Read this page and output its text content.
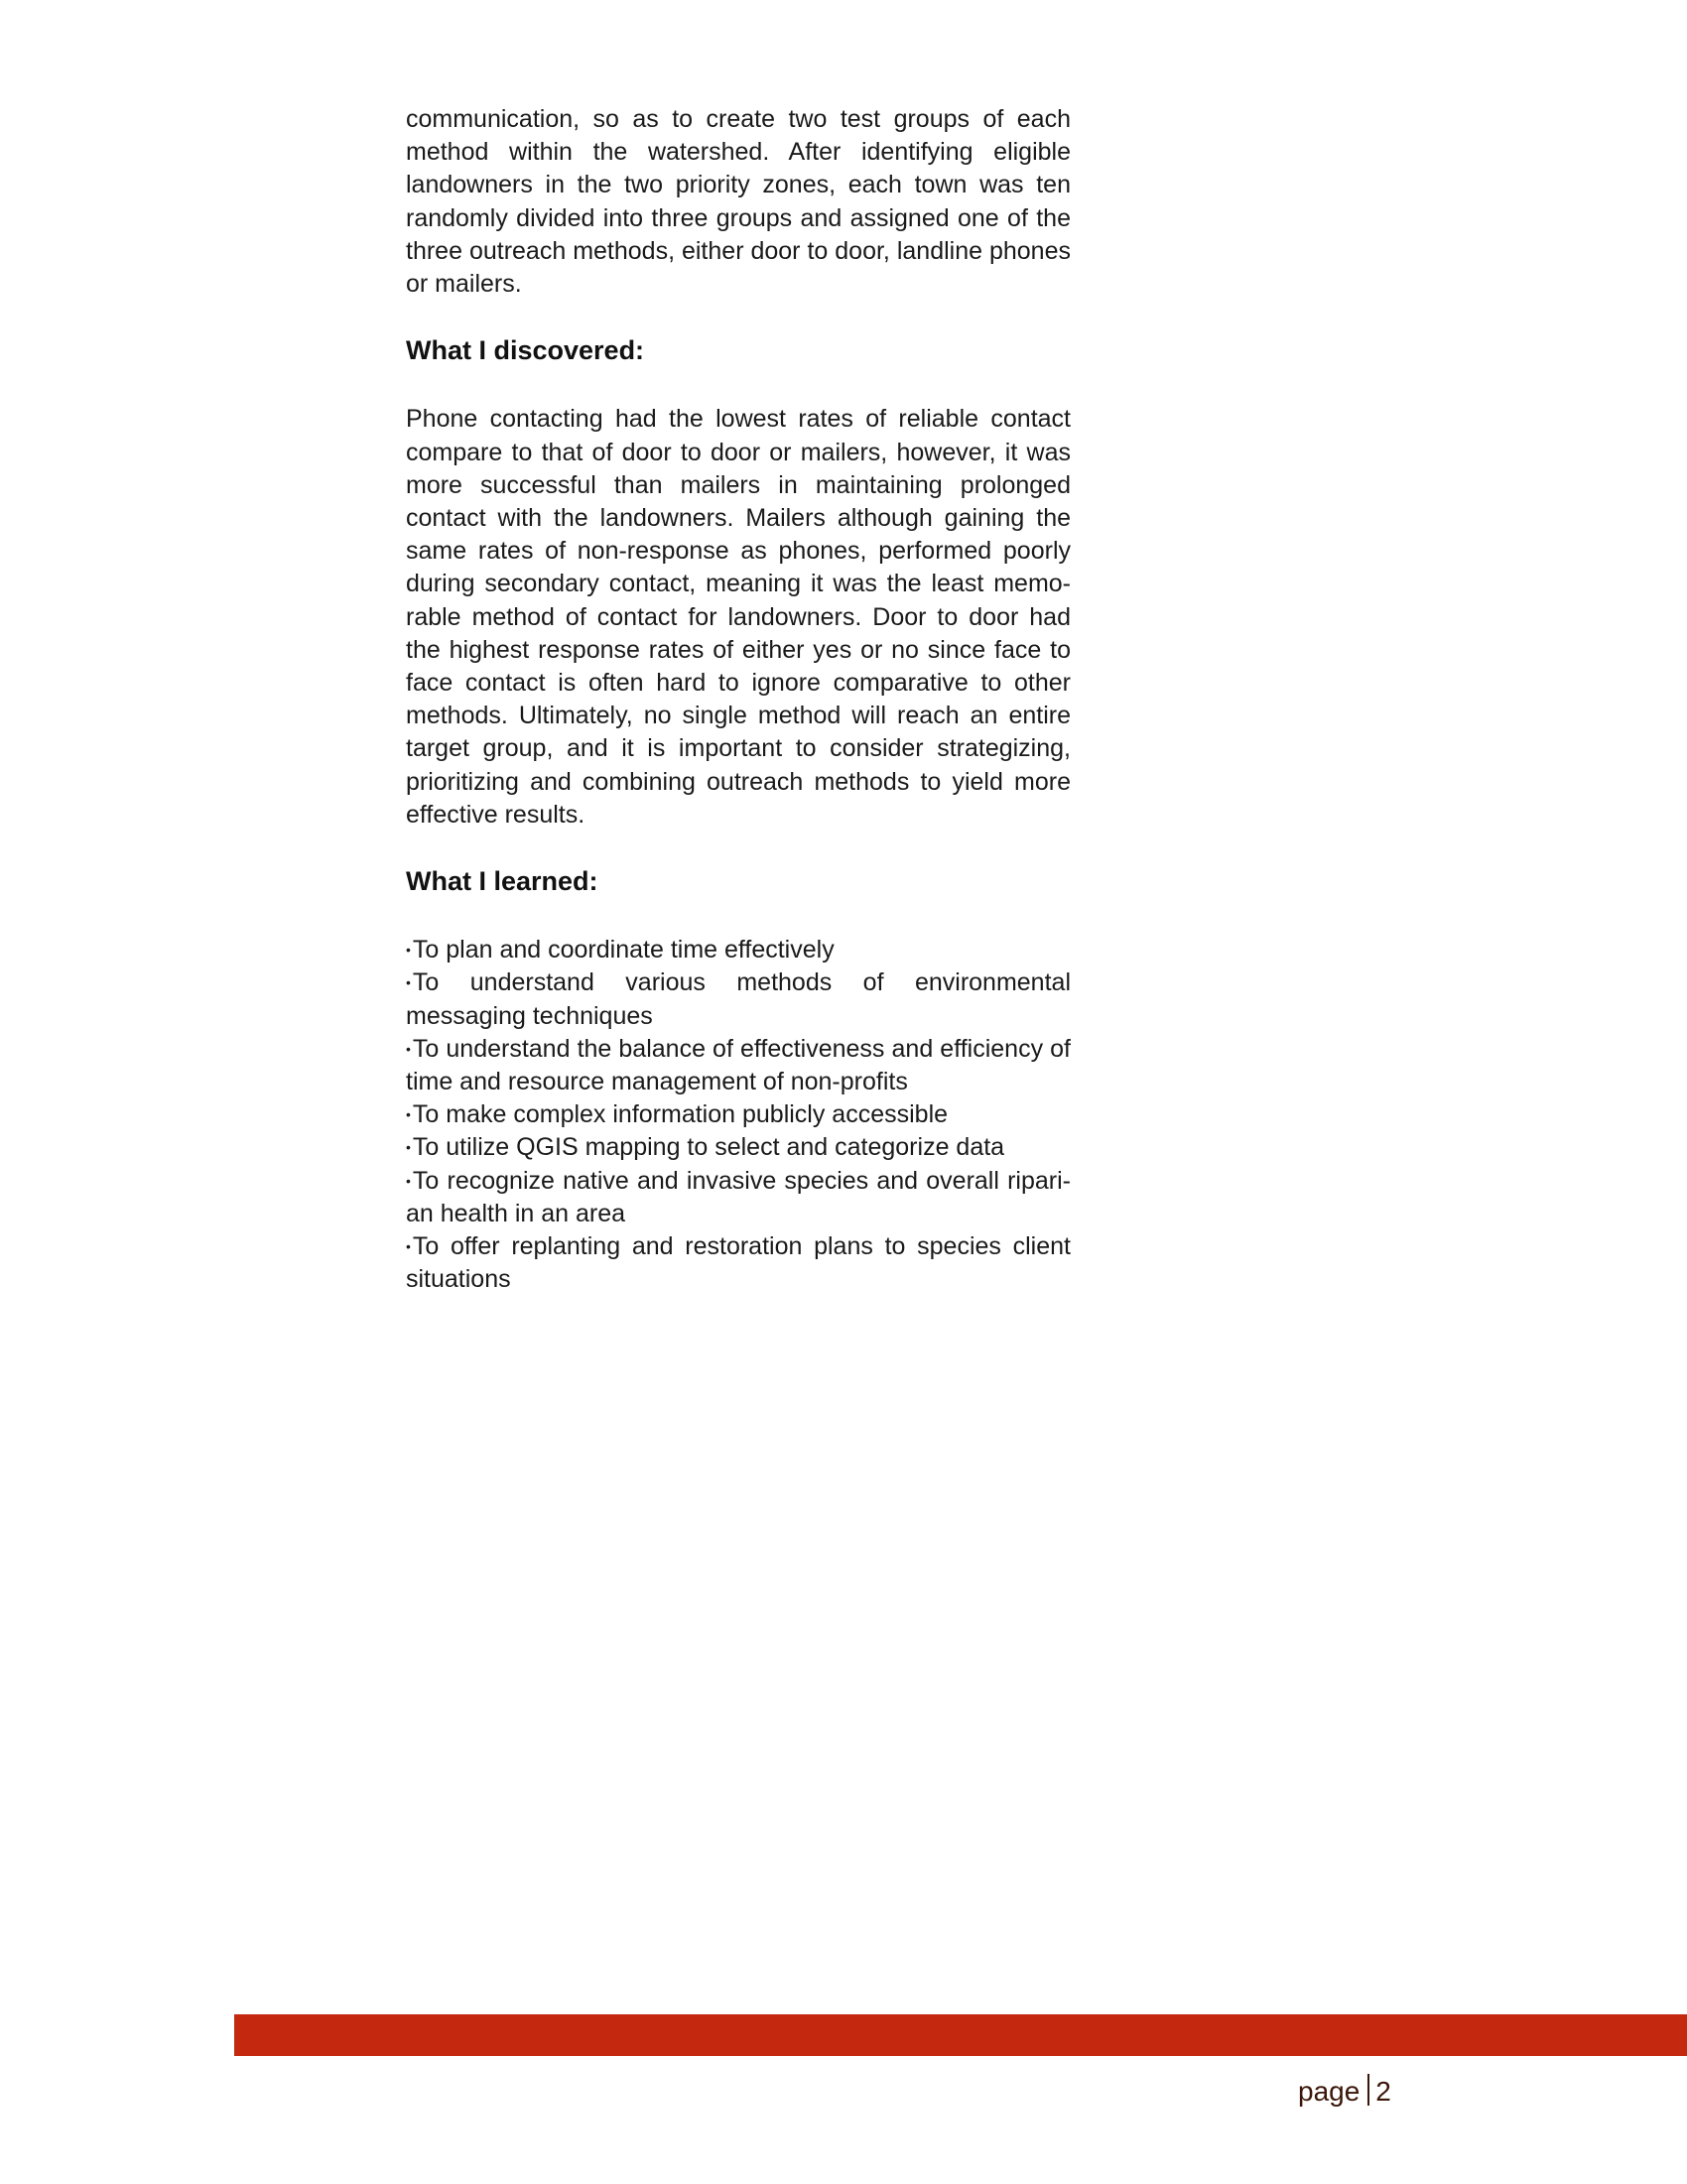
communication, so as to create two test groups of each method within the watershed. After identifying eligible landowners in the two priority zones, each town was ten randomly divided into three groups and assigned one of the three outreach methods, either door to door, landline phones or mailers.

What I discovered:

Phone contacting had the lowest rates of reliable contact compare to that of door to door or mailers, however, it was more successful than mailers in maintaining prolonged contact with the landowners. Mailers although gaining the same rates of non-response as phones, performed poorly during secondary contact, meaning it was the least memo-rable method of contact for landowners. Door to door had the highest response rates of either yes or no since face to face contact is often hard to ignore comparative to other methods. Ultimately, no single method will reach an entire target group, and it is important to consider strategizing, prioritizing and combining outreach methods to yield more effective results.

What I learned:
•To plan and coordinate time effectively
•To understand various methods of environmental messaging techniques
•To understand the balance of effectiveness and efficiency of time and resource management of non-profits
•To make complex information publicly accessible
•To utilize QGIS mapping to select and categorize data
•To recognize native and invasive species and overall ripari-an health in an area
•To offer replanting and restoration plans to species client situations
page 2
